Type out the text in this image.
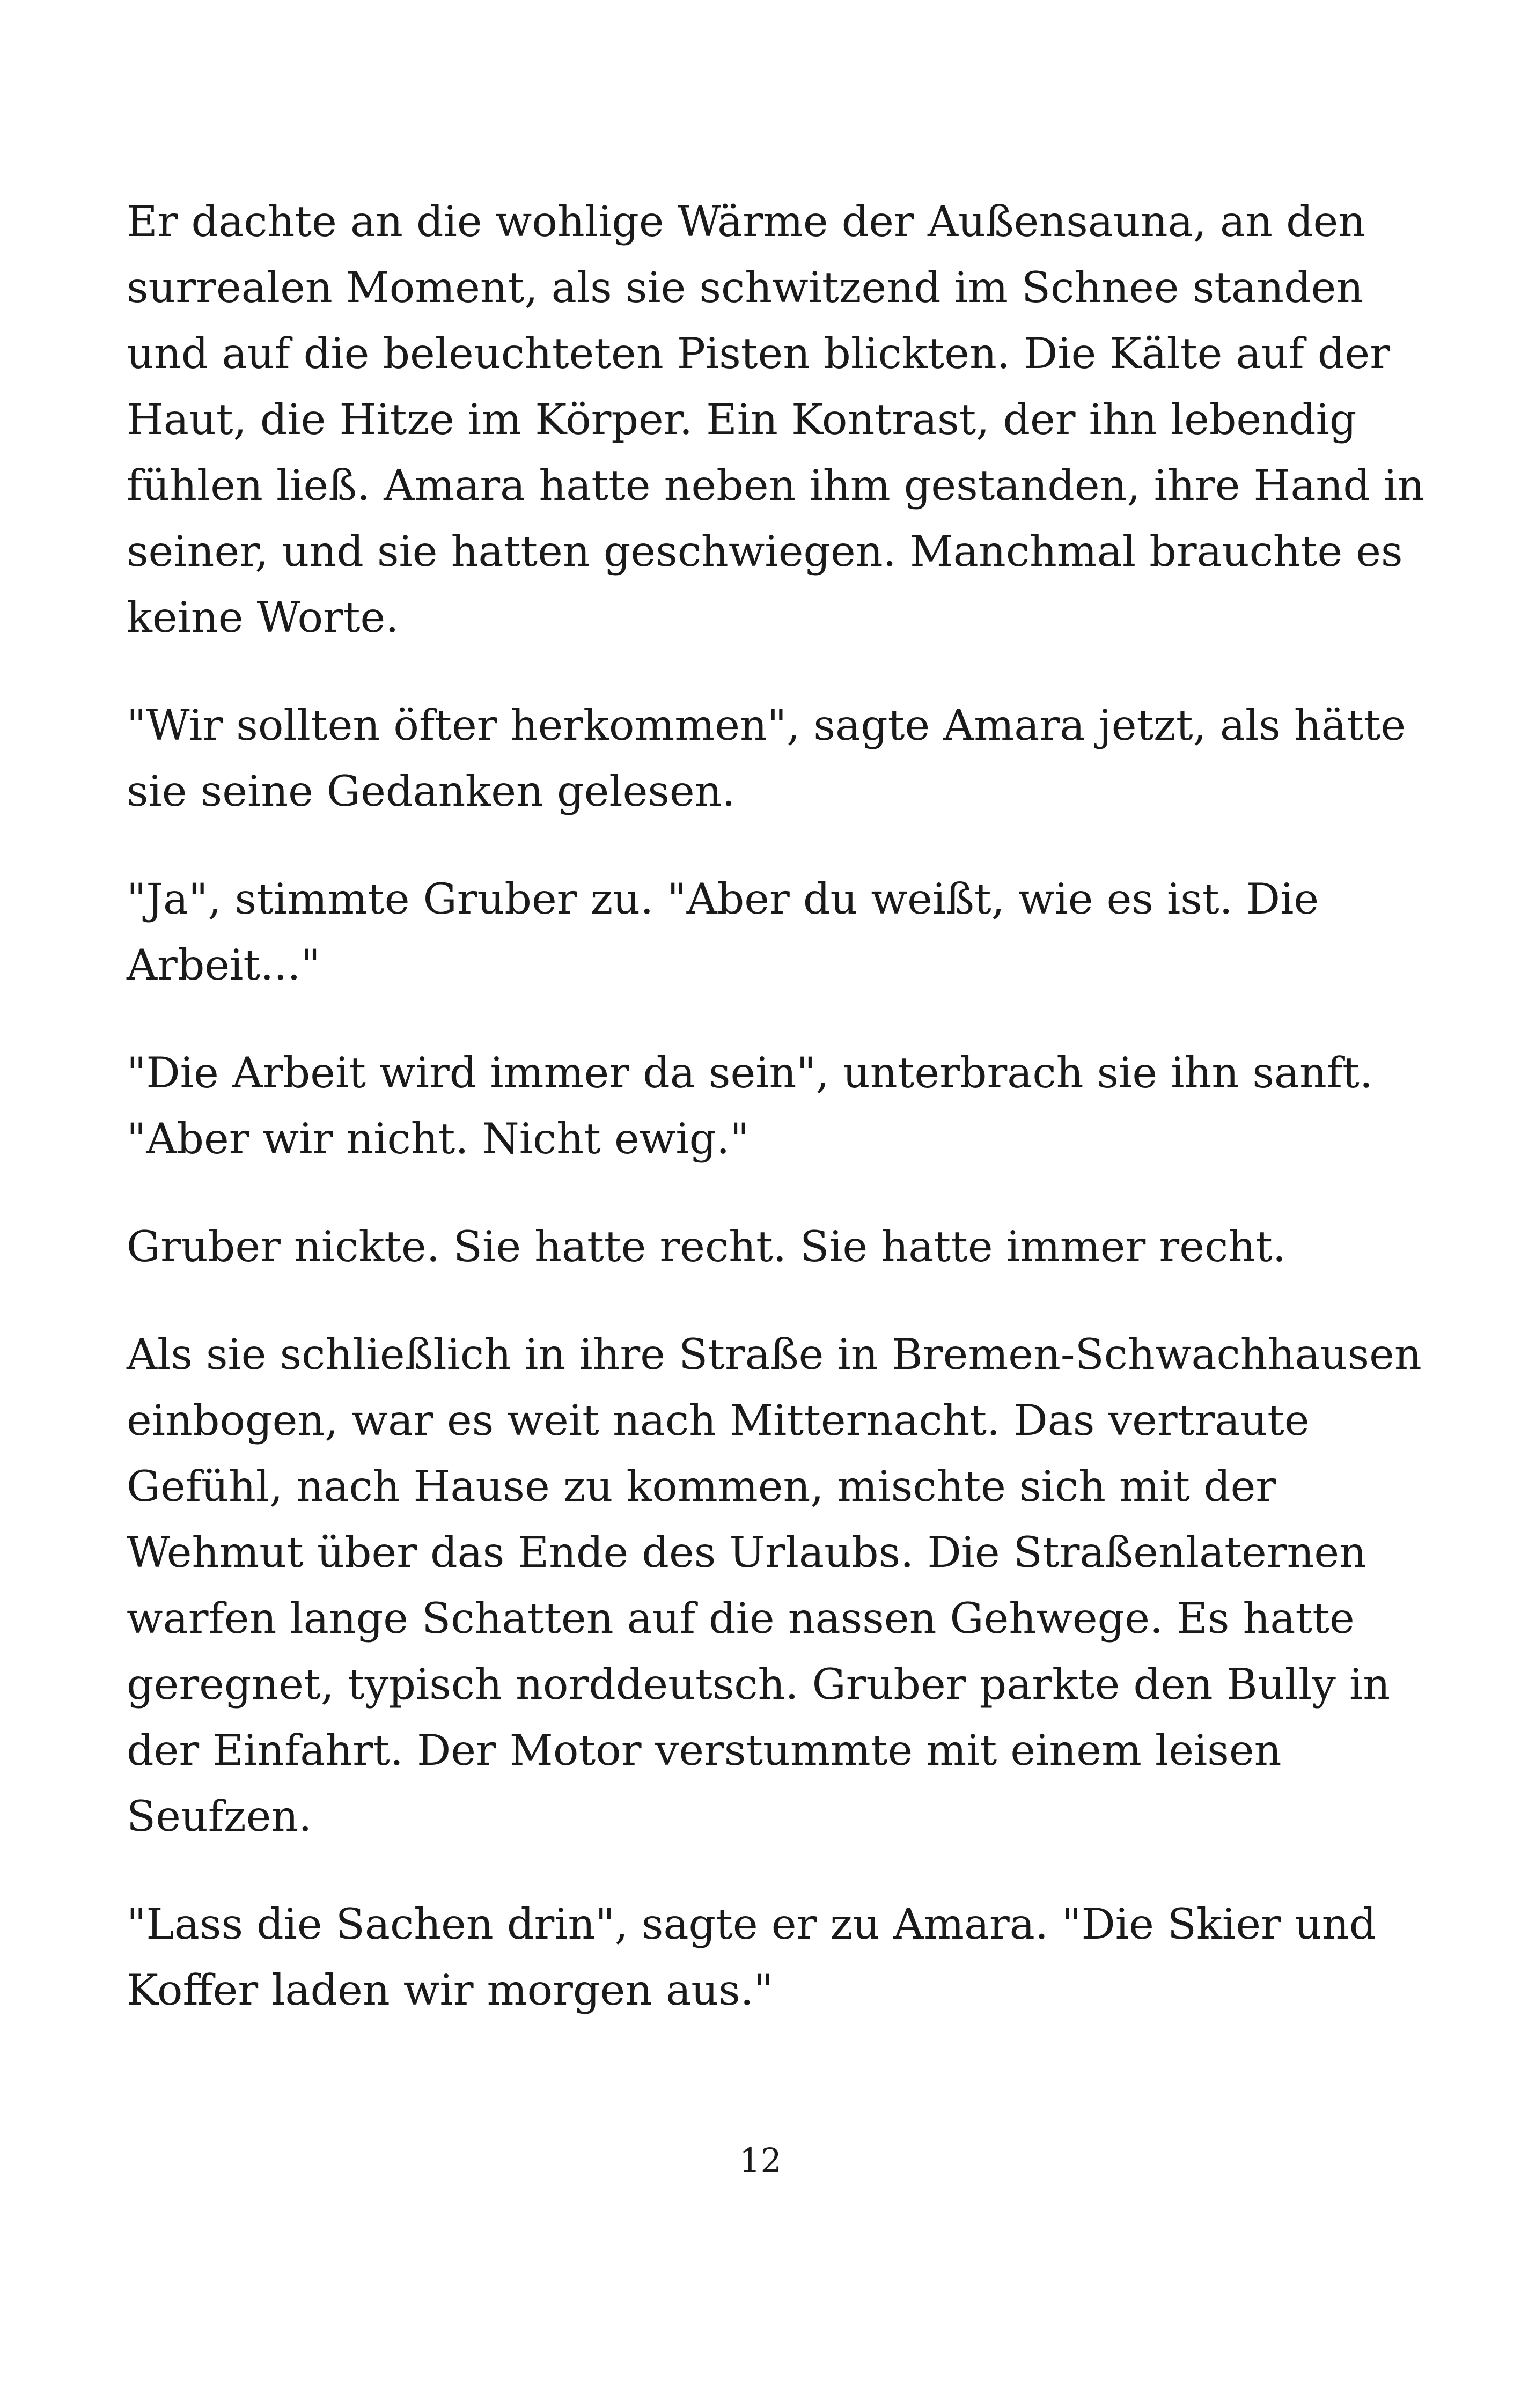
Er dachte an die wohlige Wärme der Außensauna, an den
surrealen Moment, als sie schwitzend im Schnee standen
und auf die beleuchteten Pisten blickten. Die Kälte auf der
Haut, die Hitze im Körper. Ein Kontrast, der ihn lebendig
fühlen ließ. Amara hatte neben ihm gestanden, ihre Hand in
seiner, und sie hatten geschwiegen. Manchmal brauchte es
keine Worte.

"Wir sollten öfter herkommen", sagte Amara jetzt, als hätte
sie seine Gedanken gelesen.

"Ja", stimmte Gruber zu. "Aber du weißt, wie es ist. Die
Arbeit..."

"Die Arbeit wird immer da sein", unterbrach sie ihn sanft.
"Aber wir nicht. Nicht ewig."

Gruber nickte. Sie hatte recht. Sie hatte immer recht.

Als sie schließlich in ihre Straße in Bremen-Schwachhausen
einbogen, war es weit nach Mitternacht. Das vertraute
Gefühl, nach Hause zu kommen, mischte sich mit der
Wehmut über das Ende des Urlaubs. Die Straßenlaternen
warfen lange Schatten auf die nassen Gehwege. Es hatte
geregnet, typisch norddeutsch. Gruber parkte den Bully in
der Einfahrt. Der Motor verstummte mit einem leisen
Seufzen.

"Lass die Sachen drin", sagte er zu Amara. "Die Skier und
Koffer laden wir morgen aus."

12
